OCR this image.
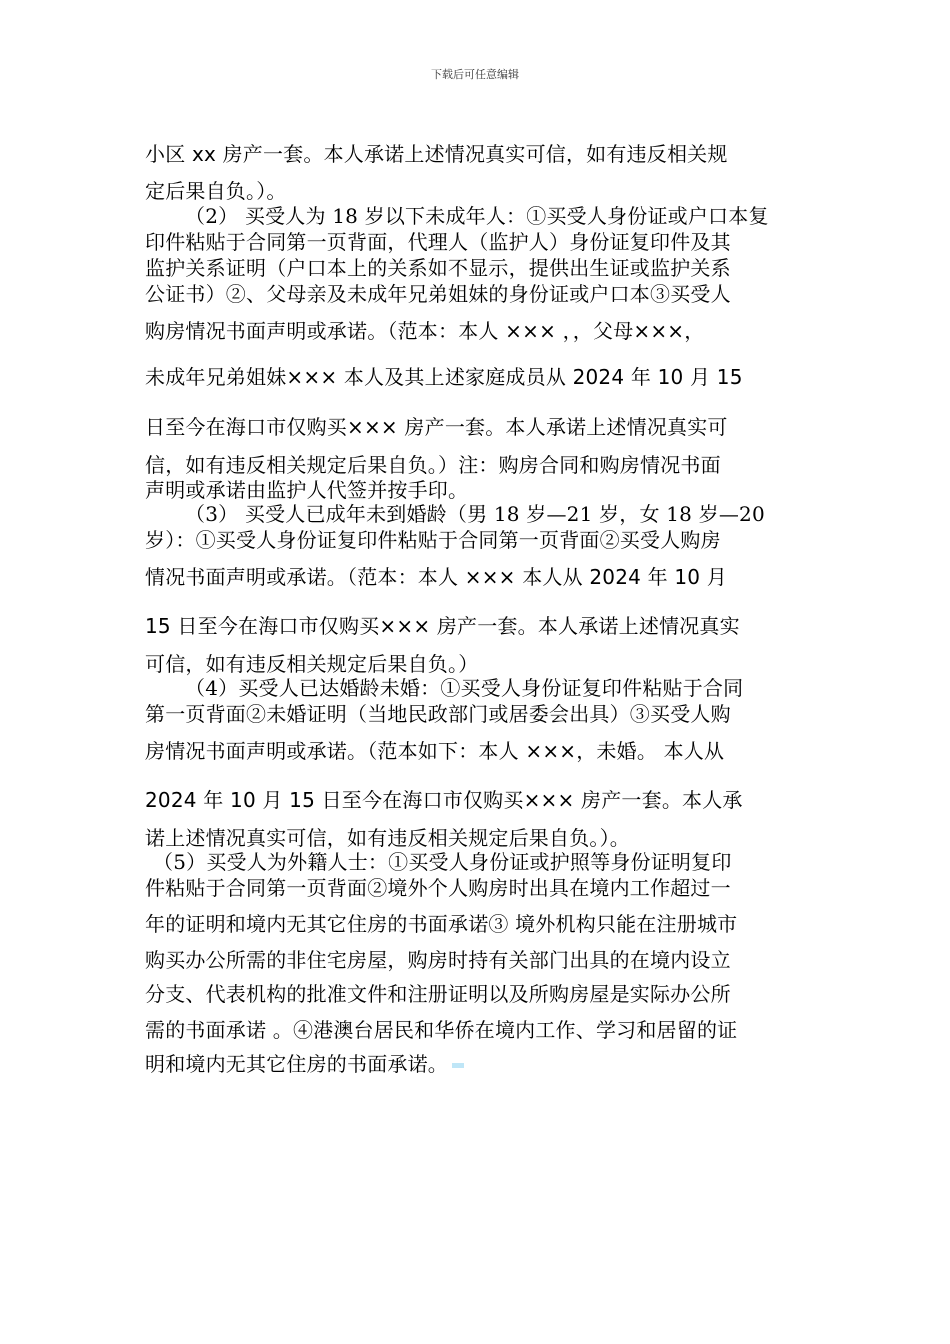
下载后可任意编辑
小区 xx 房产一套。本人承诺上述情况真实可信，如有违反相关规
定后果自负。）。
（2） 买受人为 18 岁以下未成年人：①买受人身份证或户口本复
印件粘贴于合同第一页背面，代理人（监护人）身份证复印件及其
监护关系证明（户口本上的关系如不显示，提供出生证或监护关系
公证书）②、父母亲及未成年兄弟姐妹的身份证或户口本③买受人
购房情况书面声明或承诺。（范本：本人 ××× ，，父母×××，
未成年兄弟姐妹××× 本人及其上述家庭成员从 2024 年 10 月 15
日至今在海口市仅购买××× 房产一套。本人承诺上述情况真实可
信，如有违反相关规定后果自负。）注：购房合同和购房情况书面
声明或承诺由监护人代签并按手印。
（3） 买受人已成年未到婚龄（男 18 岁—21 岁，女 18 岁—20
岁）：①买受人身份证复印件粘贴于合同第一页背面②买受人购房
情况书面声明或承诺。（范本：本人 ××× 本人从 2024 年 10 月
15 日至今在海口市仅购买××× 房产一套。本人承诺上述情况真实
可信，如有违反相关规定后果自负。）
（4）买受人已达婚龄未婚：①买受人身份证复印件粘贴于合同
第一页背面②未婚证明（当地民政部门或居委会出具）③买受人购
房情况书面声明或承诺。（范本如下：本人 ×××，未婚。 本人从
2024 年 10 月 15 日至今在海口市仅购买××× 房产一套。本人承
诺上述情况真实可信，如有违反相关规定后果自负。）。
（5）买受人为外籍人士：①买受人身份证或护照等身份证明复印
件粘贴于合同第一页背面②境外个人购房时出具在境内工作超过一
年的证明和境内无其它住房的书面承诺③ 境外机构只能在注册城市
购买办公所需的非住宅房屋，购房时持有关部门出具的在境内设立
分支、代表机构的批准文件和注册证明以及所购房屋是实际办公所
需的书面承诺 。④港澳台居民和华侨在境内工作、学习和居留的证
明和境内无其它住房的书面承诺。
